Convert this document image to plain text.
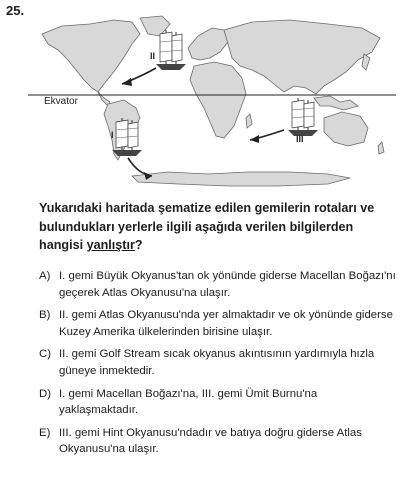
25.
Ekvator
I
II
III
Yukarıdaki haritada şematize edilen gemilerin rotaları ve bulundukları yerlerle ilgili aşağıda verilen bilgilerden hangisi yanlıştır?
A) I. gemi Büyük Okyanus'tan ok yönünde giderse Macellan Boğazı'nı geçerek Atlas Okyanusu'na ulaşır.
B) II. gemi Atlas Okyanusu'nda yer almaktadır ve ok yönünde giderse Kuzey Amerika ülkelerinden birisine ulaşır.
C) II. gemi Golf Stream sıcak okyanus akıntısının yardımıyla hızla güneye inmektedir.
D) I. gemi Macellan Boğazı'na, III. gemi Ümit Burnu'na yaklaşmaktadır.
E) III. gemi Hint Okyanusu'ndadır ve batıya doğru giderse Atlas Okyanusu'na ulaşır.
